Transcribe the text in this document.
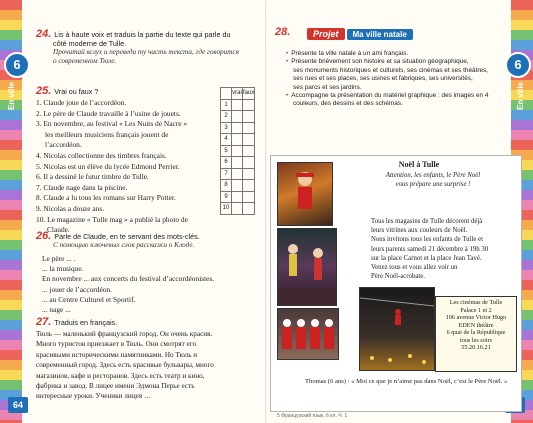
6
En ville
24. Lis à haute voix et traduis la partie du texte qui parle du
côté moderne de Tulle.
Прочитай вслух и переведи ту часть текста, где говорится
о современном Тюле.
25. Vrai ou faux ?
1. Claude joue de l’accordéon.
2. Le père de Claude travaille à l’usine de jouets.
3. En novembre, au festival « Les Nuits de Nacre »
les meilleurs musiciens français jouent de
l’accordéon.
4. Nicolas collectionne des timbres français.
5. Nicolas est un élève du lycée Edmond Perrier.
6. Il a dessiné le futur timbre de Tulle.
7. Claude nage dans la piscine.
8. Claude a lu tous les romans sur Harry Potter.
9. Nicolas a douze ans.
10. Le magazine « Tulle mag » a publié la photo de
Claude.
	vrai	faux
1		
2		
3		
4		
5		
6		
7		
8		
9		
10		
26. Parle de Claude, en te servant des mots-clés.
С помощью ключевых слов расскажи о Клоде.
Le père ... .
... la musique.
En novembre ... aux concerts du festival d’accordéonistes.
... jouer de l’accordéon.
... au Centre Culturel et Sportif.
... nage ...
27. Traduis en français.
Тюль — маленький французский город. Он очень красив.
Много туристов приезжает в Тюль. Они смотрят его
красивыми историческими памятниками. Но Тюль и
современный город. Здесь есть красивые бульвары, много
магазинов, кафе и ресторанов. Здесь есть театр и кино,
фабрика и завод. В лицее имени Эдмона Перье есть
интересные уроки. Ученики лицея …
64
6
En ville
5 Французский язык, 6 кл. Ч. 1
28.	Projet	Ma ville natale
• Présente ta ville natale à un ami français.
• Présente brièvement son histoire et sa situation géographique,
ses monuments historiques et culturels, ses cinémas et ses théâtres,
ses rues et ses places, ses usines et fabriques, ses universités,
ses parcs et ses jardins.
• Accompagne ta présentation du matériel graphique : des images en 4
couleurs, des dessins et des schémas.
Noël à Tulle
Attention, les enfants, le Père Noël
vous prépare une surprise !
Tous les magasins de Tulle décorent déjà
leurs vitrines aux couleurs de Noël.
Nous invitons tous les enfants de Tulle et
leurs parents samedi 21 décembre à 19h 30
sur la place Carnot et la place Jean Tavé.
Venez tous et vous allez voir un
Père Noël-acrobate.
Les cinémas de Tulle
Palace 1 et 2
106 avenue Victor Hugo
EDEN théâtre
6 quai de la République
tous les soirs
55.20.16.21
Thomas (6 ans) : « Moi ce que je n’aime pas dans Noël, c’est le Père Noël. »
